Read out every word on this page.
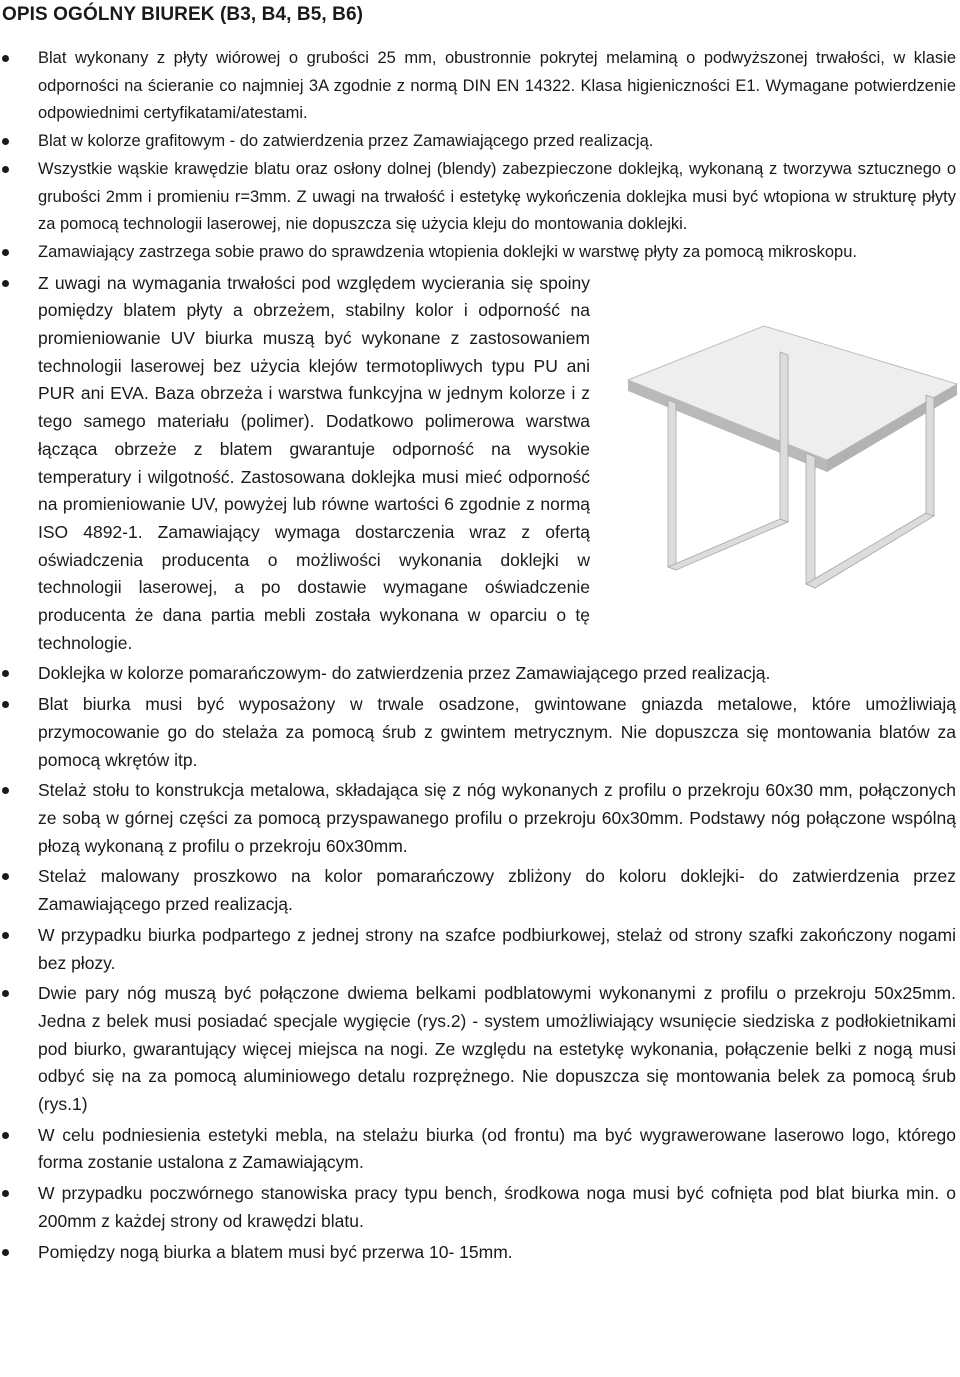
OPIS OGÓLNY BIUREK (B3, B4, B5, B6)

Blat wykonany z płyty wiórowej o grubości 25 mm, obustronnie pokrytej melaminą o podwyższonej trwałości, w klasie odporności na ścieranie co najmniej 3A zgodnie z normą DIN EN 14322. Klasa higieniczności E1. Wymagane potwierdzenie odpowiednimi certyfikatami/atestami.

Blat w kolorze grafitowym - do zatwierdzenia przez Zamawiającego przed realizacją.

Wszystkie wąskie krawędzie blatu oraz osłony dolnej (blendy) zabezpieczone doklejką, wykonaną z tworzywa sztucznego o grubości 2mm i promieniu r=3mm. Z uwagi na trwałość i estetykę wykończenia doklejka musi być wtopiona w strukturę płyty za pomocą technologii laserowej, nie dopuszcza się użycia kleju do montowania doklejki.

Zamawiający zastrzega sobie prawo do sprawdzenia wtopienia doklejki w warstwę płyty za pomocą mikroskopu.

Z uwagi na wymagania trwałości pod względem wycierania się spoiny pomiędzy blatem płyty a obrzeżem, stabilny kolor i odporność na promieniowanie UV biurka muszą być wykonane z zastosowaniem technologii laserowej bez użycia klejów termotopliwych typu PU ani PUR ani EVA. Baza obrzeża i warstwa funkcyjna w jednym kolorze i z tego samego materiału (polimer). Dodatkowo polimerowa warstwa łącząca obrzeże z blatem gwarantuje odporność na wysokie temperatury i wilgotność. Zastosowana doklejka musi mieć odporność na promieniowanie UV, powyżej lub równe wartości 6 zgodnie z normą ISO 4892-1. Zamawiający wymaga dostarczenia wraz z ofertą oświadczenia producenta o możliwości wykonania doklejki w technologii laserowej, a po dostawie wymagane oświadczenie producenta że dana partia mebli została wykonana w oparciu o tę technologie.

Doklejka w kolorze pomarańczowym- do zatwierdzenia przez Zamawiającego przed realizacją.

Blat biurka musi być wyposażony w trwale osadzone, gwintowane gniazda metalowe, które umożliwiają przymocowanie go do stelaża za pomocą śrub z gwintem metrycznym. Nie dopuszcza się montowania blatów za pomocą wkrętów itp.

Stelaż stołu to konstrukcja metalowa, składająca się z nóg wykonanych z profilu o przekroju 60x30 mm, połączonych ze sobą w górnej części za pomocą przyspawanego profilu o przekroju 60x30mm. Podstawy nóg połączone wspólną płozą wykonaną z profilu o przekroju 60x30mm.

Stelaż malowany proszkowo na kolor pomarańczowy zbliżony do koloru doklejki- do zatwierdzenia przez Zamawiającego przed realizacją.

W przypadku biurka podpartego z jednej strony na szafce podbiurkowej, stelaż od strony szafki zakończony nogami bez płozy.

Dwie pary nóg muszą być połączone dwiema belkami podblatowymi wykonanymi z profilu o przekroju 50x25mm. Jedna z belek musi posiadać specjale wygięcie (rys.2) - system umożliwiający wsunięcie siedziska z podłokietnikami pod biurko, gwarantujący więcej miejsca na nogi. Ze względu na estetykę wykonania, połączenie belki z nogą musi odbyć się na za pomocą aluminiowego detalu rozprężnego. Nie dopuszcza się montowania belek za pomocą śrub (rys.1)

W celu podniesienia estetyki mebla, na stelażu biurka (od frontu) ma być wygrawerowane laserowo logo, którego forma zostanie ustalona z Zamawiającym.

W przypadku poczwórnego stanowiska pracy typu bench, środkowa noga musi być cofnięta pod blat biurka min. o 200mm z każdej strony od krawędzi blatu.

Pomiędzy nogą biurka a blatem musi być przerwa 10- 15mm.
